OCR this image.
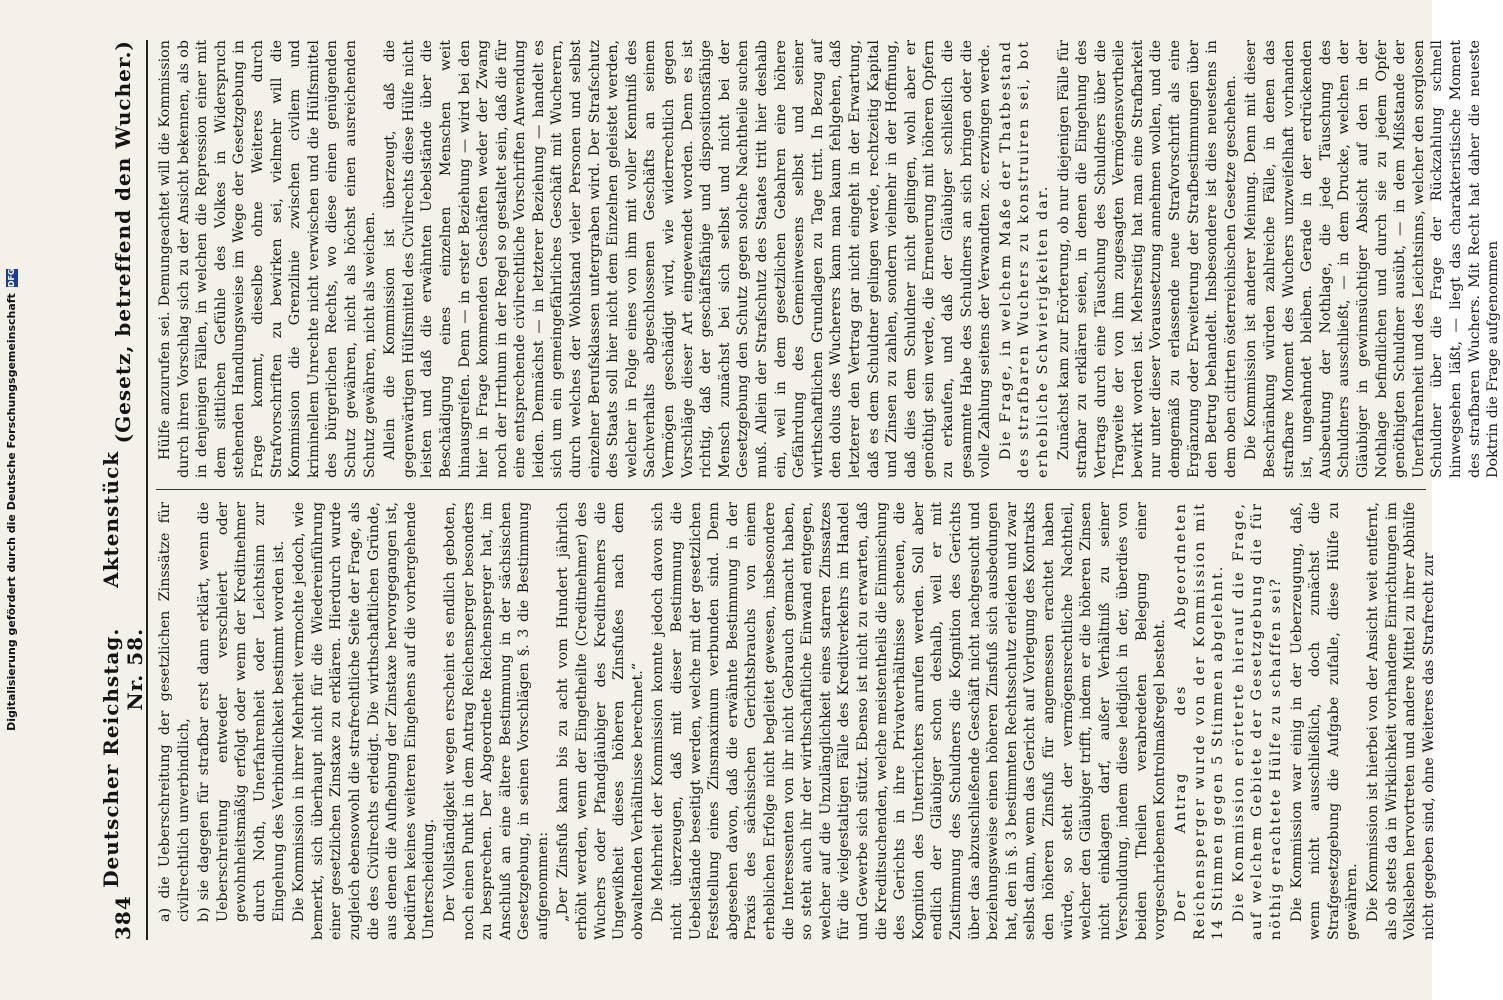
384
Deutscher Reichstag.     Aktenstück Nr. 58.
(Gesetz, betreffend den Wucher.)

a) die Ueberschreitung der gesetzlichen Zinssätze für civilrechtlich unverbindlich, b) sie dagegen für strafbar erst dann erklärt, wenn die Ueberschreitung entweder verschleiert oder gewohnheitsmäßig erfolgt oder wenn der Kreditnehmer durch Noth, Unerfahrenheit oder Leichtsinn zur Eingehung des Verbindlichkeit bestimmt worden ist. Die Kommission in ihrer Mehrheit vermochte jedoch, wie bemerkt, sich überhaupt nicht für die Wiedereinführung einer gesetzlichen Zinstaxe zu erklären. Hierdurch wurde zugleich ebensowohl die strafrechtliche Seite der Frage, als die des Civilrechts erledigt. Die wirthschaftlichen Gründe, aus denen die Aufhebung der Zinstaxe hervorgegangen ist, bedürfen keines weiteren Eingehens auf die vorhergehende Unterscheidung. Der Vollständigkeit wegen erscheint es endlich geboten, noch einen Punkt in dem Antrag Reichensperger besonders zu besprechen. Der Abgeordnete Reichensperger hat, im Anschluß an eine ältere Bestimmung in der sächsischen Gesetzgebung, in seinen Vorschlägen §. 3 die Bestimmung aufgenommen: „Der Zinsfuß kann bis zu acht vom Hundert jährlich erhöht werden, wenn der Eingetheilte (Creditnehmer) des Wuchers oder Pfandgläubiger des Kreditnehmers die Ungewißheit dieses höheren Zinsfußes nach dem obwaltenden Verhältnisse berechnet.“ Die Mehrheit der Kommission konnte jedoch davon sich nicht überzeugen, daß mit dieser Bestimmung die Uebelstände beseitigt werden, welche mit der gesetzlichen Feststellung eines Zinsmaximum verbunden sind. Denn abgesehen davon, daß die erwähnte Bestimmung in der Praxis des sächsischen Gerichtsbrauchs von einem erheblichen Erfolge nicht begleitet gewesen, insbesondere die Interessenten von ihr nicht Gebrauch gemacht haben, so steht auch ihr der wirthschaftliche Einwand entgegen, welcher auf die Unzulänglichkeit eines starren Zinssatzes für die vielgestaltigen Fälle des Kreditverkehrs im Handel und Gewerbe sich stützt. Ebenso ist nicht zu erwarten, daß die Kreditsuchenden, welche meistentheils die Einmischung des Gerichts in ihre Privatverhältnisse scheuen, die Kognition des Unterrichters anrufen werden. Soll aber endlich der Gläubiger schon deshalb, weil er mit Zustimmung des Schuldners die Kognition des Gerichts über das abzuschließende Geschäft nicht nachgesucht und beziehungsweise einen höheren Zinsfuß sich ausbedungen hat, den in §. 3 bestimmten Rechtsschutz erleiden und zwar selbst dann, wenn das Gericht auf Vorlegung des Kontrakts den höheren Zinsfuß für angemessen erachtet haben würde, so steht der vermögensrechtliche Nachtheil, welcher den Gläubiger trifft, indem er die höheren Zinsen nicht einklagen darf, außer Verhältniß zu seiner Verschuldung, indem diese lediglich in der, überdies von beiden Theilen verabredeten Belegung einer vorgeschriebenen Kontrolmaßregel besteht. Der Antrag des Abgeordneten Reichensperger wurde von der Kommission mit 14 Stimmen gegen 5 Stimmen abgelehnt. Die Kommission erörterte hierauf die Frage, auf welchem Gebiete der Gesetzgebung die für nöthig erachtete Hülfe zu schaffen sei? Die Kommission war einig in der Ueberzeugung, daß, wenn nicht ausschließlich, doch zunächst die Strafgesetzgebung die Aufgabe zufalle, diese Hülfe zu gewähren. Die Kommission ist hierbei von der Ansicht weit entfernt, als ob stets da in Wirklichkeit vorhandene Einrichtungen im Volksleben hervortreten und andere Mittel zu ihrer Abhülfe nicht gegeben sind, ohne Weiteres das Strafrecht zur

Hülfe anzurufen sei. Demungeachtet will die Kommission durch ihren Vorschlag sich zu der Ansicht bekennen, als ob in denjenigen Fällen, in welchen die Repression einer mit dem sittlichen Gefühle des Volkes in Widerspruch stehenden Handlungsweise im Wege der Gesetzgebung in Frage kommt, dieselbe ohne Weiteres durch Strafvorschriften zu bewirken sei, vielmehr will die Kommission die Grenzlinie zwischen civilem und kriminellem Unrechte nicht verwischen und die Hülfsmittel des bürgerlichen Rechts, wo diese einen genügenden Schutz gewähren, nicht als höchst einen ausreichenden Schutz gewähren, nicht als weichen. Allein die Kommission ist überzeugt, daß die gegenwärtigen Hülfsmittel des Civilrechts diese Hülfe nicht leisten und daß die erwähnten Uebelstände über die Beschädigung eines einzelnen Menschen weit hinausgreifen. Denn — in erster Beziehung — wird bei den hier in Frage kommenden Geschäften weder der Zwang noch der Irrthum in der Regel so gestaltet sein, daß die für eine entsprechende civilrechtliche Vorschriften Anwendung leiden. Demnächst — in letzterer Beziehung — handelt es sich um ein gemeingefährliches Geschäft mit Wucherern, durch welches der Wohlstand vieler Personen und selbst einzelner Berufsklassen untergraben wird. Der Strafschutz des Staats soll hier nicht dem Einzelnen geleistet werden, welcher in Folge eines von ihm mit voller Kenntniß des Sachverhalts abgeschlossenen Geschäfts an seinem Vermögen geschädigt wird, wie widerrechtlich gegen Vorschläge dieser Art eingewendet worden. Denn es ist richtig, daß der geschäftsfähige und dispositionsfähige Mensch zunächst bei sich selbst und nicht bei der Gesetzgebung den Schutz gegen solche Nachtheile suchen muß. Allein der Strafschutz des Staates tritt hier deshalb ein, weil in dem gesetzlichen Gebahren eine höhere Gefährdung des Gemeinwesens selbst und seiner wirthschaftlichen Grundlagen zu Tage tritt. In Bezug auf den dolus des Wucherers kann man kaum fehlgehen, daß letzterer den Vertrag gar nicht eingeht in der Erwartung, daß es dem Schuldner gelingen werde, rechtzeitig Kapital und Zinsen zu zahlen, sondern vielmehr in der Hoffnung, daß dies dem Schuldner nicht gelingen, wohl aber er genöthigt sein werde, die Erneuerung mit höheren Opfern zu erkaufen, und daß der Gläubiger schließlich die gesammte Habe des Schuldners an sich bringen oder die volle Zahlung seitens der Verwandten zc. erzwingen werde. Die Frage, in welchem Maße der Thatbestand des strafbaren Wuchers zu konstruiren sei, bot erhebliche Schwierigkeiten dar. Zunächst kam zur Erörterung, ob nur diejenigen Fälle für strafbar zu erklären seien, in denen die Eingehung des Vertrags durch eine Täuschung des Schuldners über die Tragweite der von ihm zugesagten Vermögensvortheile bewirkt worden ist. Mehrseitig hat man eine Strafbarkeit nur unter dieser Voraussetzung annehmen wollen, und die demgemäß zu erlassende neue Strafvorschrift als eine Ergänzung oder Erweiterung der Strafbestimmungen über den Betrug behandelt. Insbesondere ist dies neuestens in dem oben citirten österreichischen Gesetze geschehen. Die Kommission ist anderer Meinung. Denn mit dieser Beschränkung würden zahlreiche Fälle, in denen das strafbare Moment des Wuchers unzweifelhaft vorhanden ist, ungeahndet bleiben. Gerade in der erdrückenden Ausbeutung der Nothlage, die jede Täuschung des Schuldners ausschließt, — in dem Drucke, welchen der Gläubiger in gewinnsüchtiger Absicht auf den in der Nothlage befindlichen und durch sie zu jedem Opfer genöthigten Schuldner ausübt, — in dem Mißstande der Unerfahrenheit und des Leichtsinns, welcher den sorglosen Schuldner über die Frage der Rückzahlung schnell hinwegsehen läßt, — liegt das charakteristische Moment des strafbaren Wuchers. Mit Recht hat daher die neueste Doktrin die Frage aufgenommen

Digitalisierung gefördert durch die Deutsche Forschungsgemeinschaft
DFG
